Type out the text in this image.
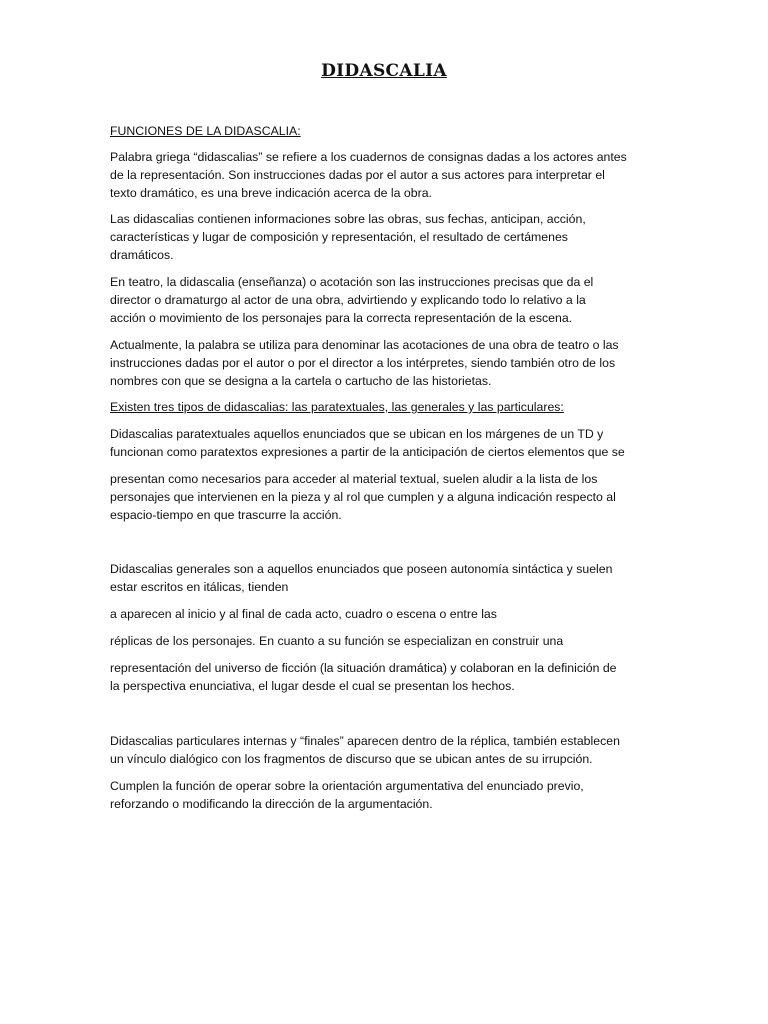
DIDASCALIA

FUNCIONES DE LA DIDASCALIA:

Palabra griega “didascalias” se refiere a los cuadernos de consignas dadas a los actores antes
de la representación. Son instrucciones dadas por el autor a sus actores para interpretar el
texto dramático, es una breve indicación acerca de la obra.

Las didascalias contienen informaciones sobre las obras, sus fechas, anticipan, acción,
características y lugar de composición y representación, el resultado de certámenes
dramáticos.

En teatro, la didascalia (enseñanza) o acotación son las instrucciones precisas que da el
director o dramaturgo al actor de una obra, advirtiendo y explicando todo lo relativo a la
acción o movimiento de los personajes para la correcta representación de la escena.

Actualmente, la palabra se utiliza para denominar las acotaciones de una obra de teatro o las
instrucciones dadas por el autor o por el director a los intérpretes, siendo también otro de los
nombres con que se designa a la cartela o cartucho de las historietas.

Existen tres tipos de didascalias: las paratextuales, las generales y las particulares:

Didascalias paratextuales aquellos enunciados que se ubican en los márgenes de un TD y
funcionan como paratextos expresiones a partir de la anticipación de ciertos elementos que se

presentan como necesarios para acceder al material textual, suelen aludir a la lista de los
personajes que intervienen en la pieza y al rol que cumplen y a alguna indicación respecto al
espacio-tiempo en que trascurre la acción.

Didascalias generales son a aquellos enunciados que poseen autonomía sintáctica y suelen
estar escritos en itálicas, tienden

a aparecen al inicio y al final de cada acto, cuadro o escena o entre las

réplicas de los personajes. En cuanto a su función se especializan en construir una

representación del universo de ficción (la situación dramática) y colaboran en la definición de
la perspectiva enunciativa, el lugar desde el cual se presentan los hechos.

Didascalias particulares internas y “finales” aparecen dentro de la réplica, también establecen
un vínculo dialógico con los fragmentos de discurso que se ubican antes de su irrupción.

Cumplen la función de operar sobre la orientación argumentativa del enunciado previo,
reforzando o modificando la dirección de la argumentación.
